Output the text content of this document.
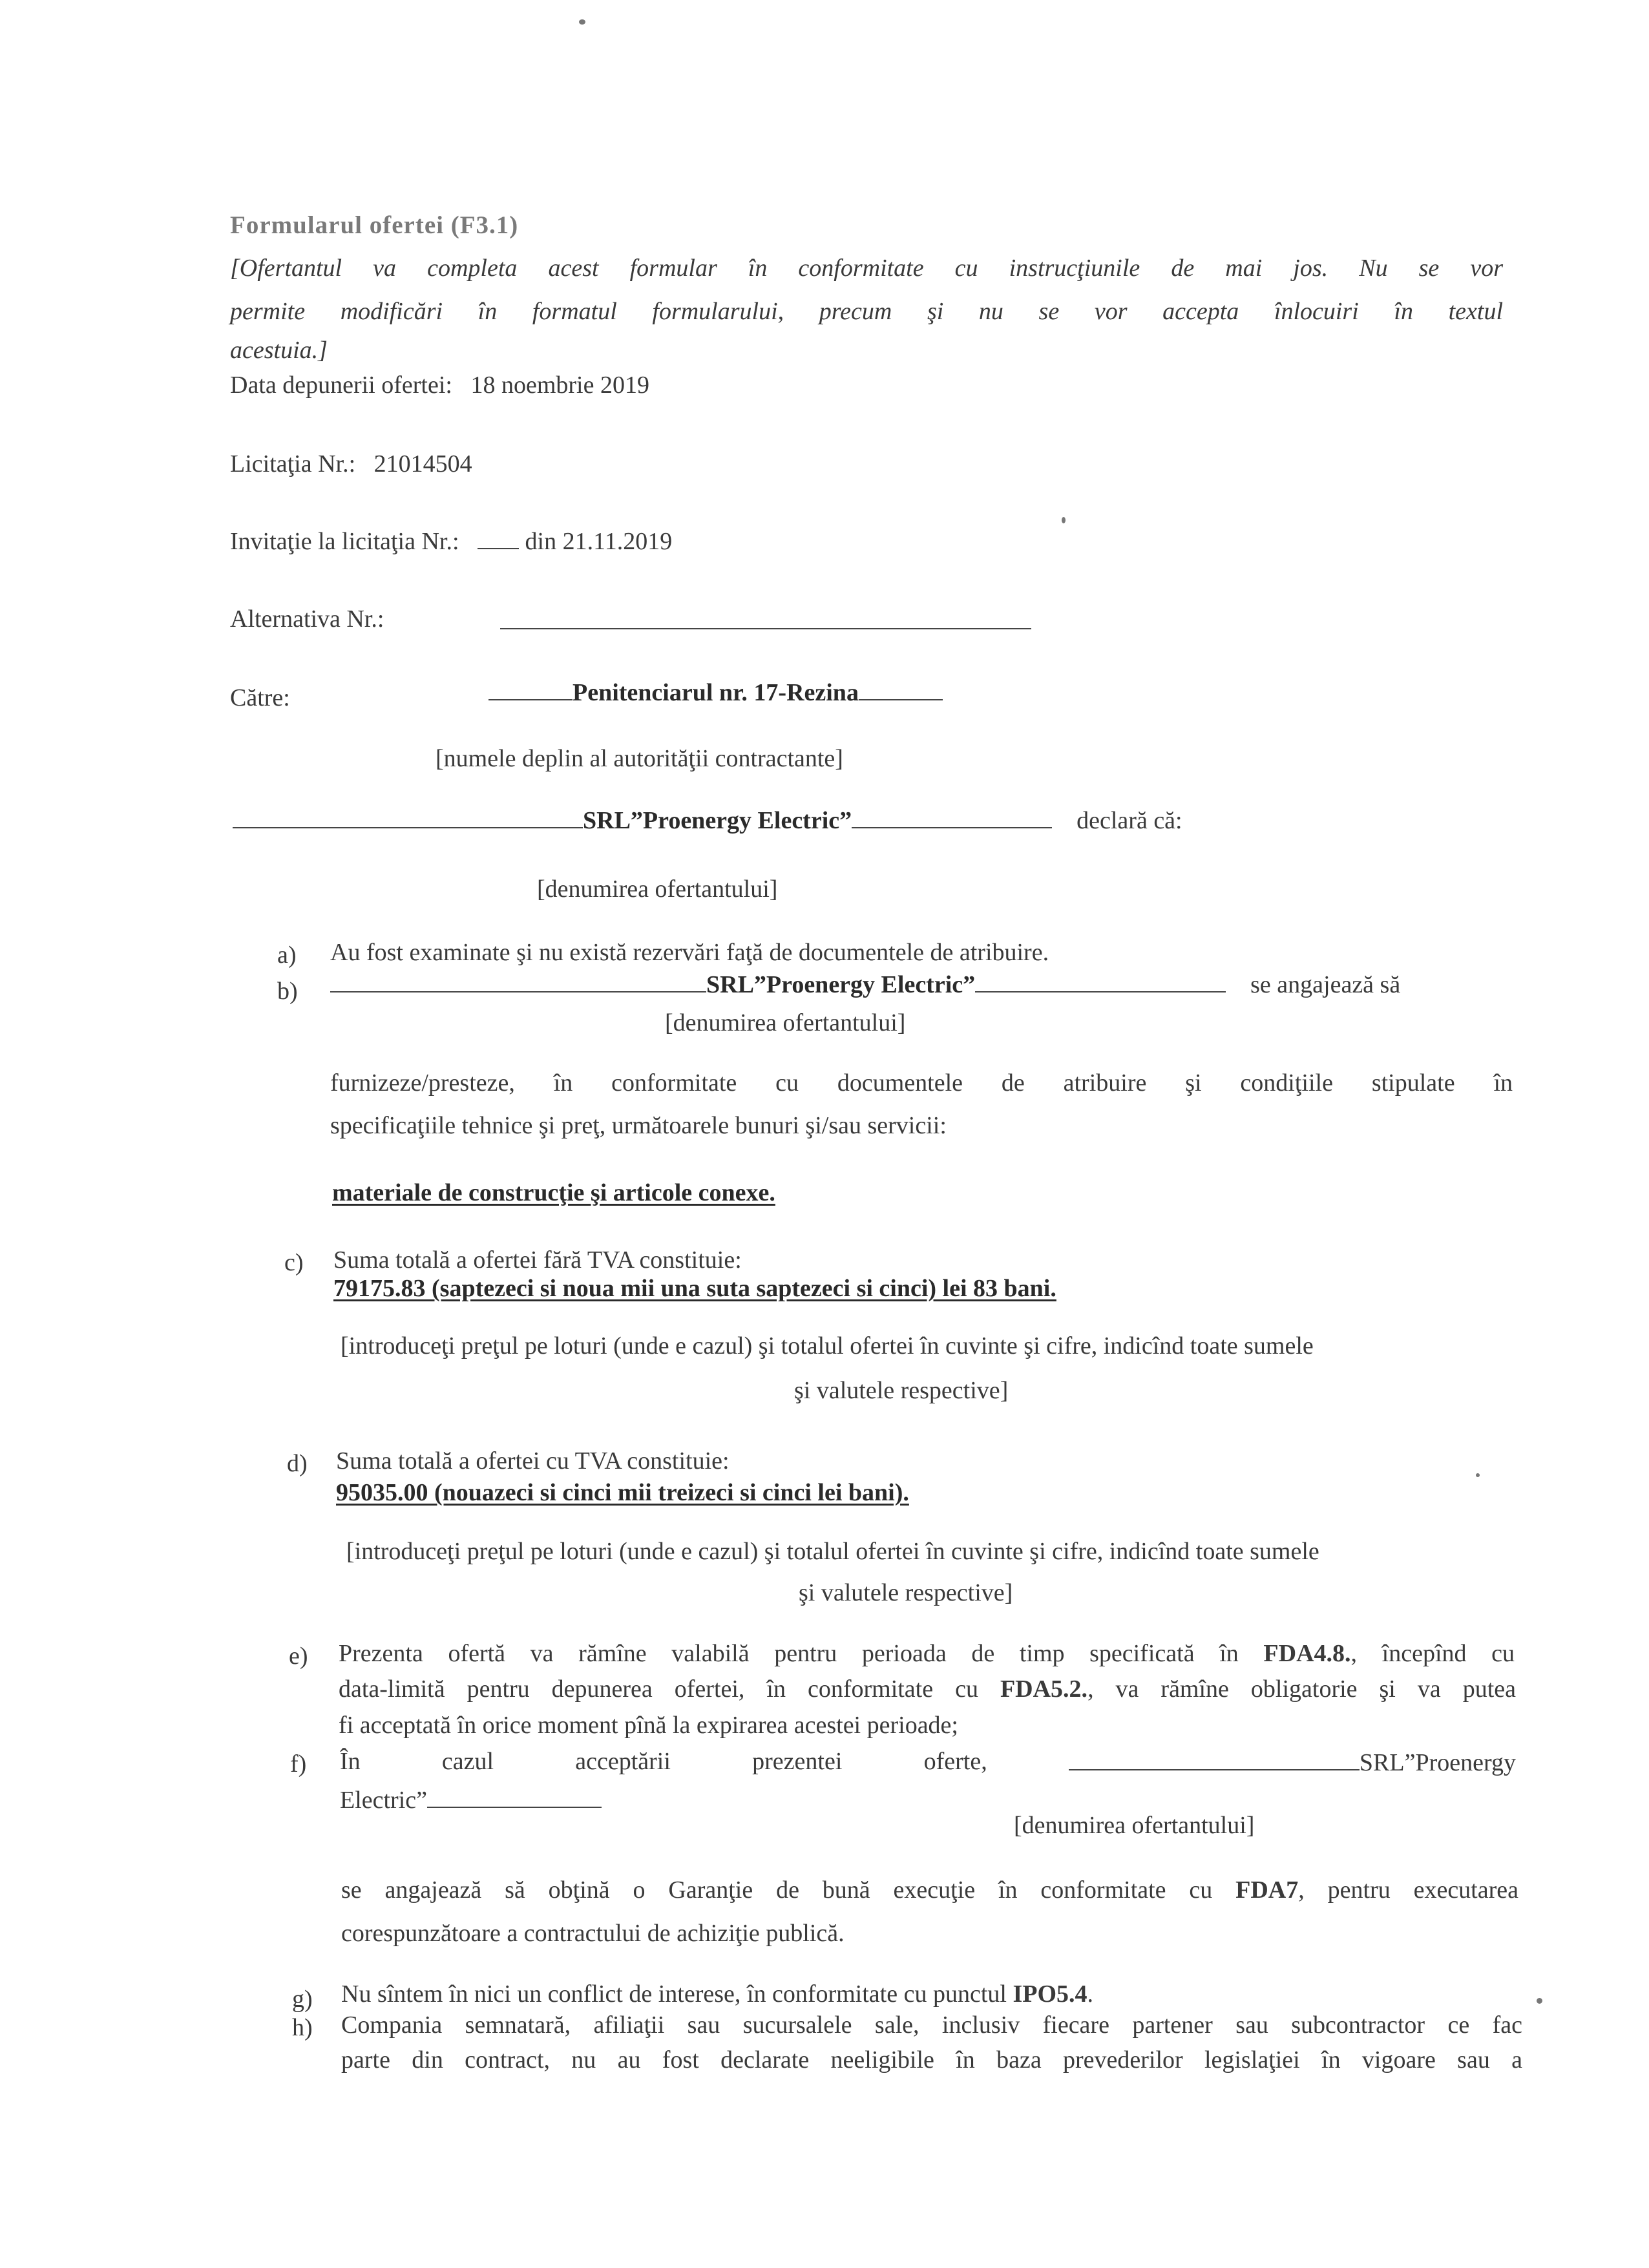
Formularul ofertei (F3.1)
[Ofertantul va completa acest formular în conformitate cu instrucţiunile de mai jos. Nu se vor
permite modificări în formatul formularului, precum şi nu se vor accepta înlocuiri în textul
acestuia.]
Data depunerii ofertei: 18 noembrie 2019
Licitaţia Nr.: 21014504
Invitaţie la licitaţia Nr.:	din 21.11.2019
Alternativa Nr.:
Către:	Penitenciarul nr. 17-Rezina
[numele deplin al autorităţii contractante]
SRL”Proenergy Electric”	declară că:
[denumirea ofertantului]
a) Au fost examinate şi nu există rezervări faţă de documentele de atribuire.
b)	SRL”Proenergy Electric”	se angajează să
[denumirea ofertantului]
furnizeze/presteze, în conformitate cu documentele de atribuire şi condiţiile stipulate în
specificaţiile tehnice şi preţ, următoarele bunuri şi/sau servicii:
materiale de construcţie şi articole conexe.
c) Suma totală a ofertei fără TVA constituie:
79175.83 (saptezeci si noua mii una suta saptezeci si cinci) lei 83 bani.
[introduceţi preţul pe loturi (unde e cazul) şi totalul ofertei în cuvinte şi cifre, indicînd toate sumele
şi valutele respective]
d) Suma totală a ofertei cu TVA constituie:
95035.00 (nouazeci si cinci mii treizeci si cinci lei bani).
[introduceţi preţul pe loturi (unde e cazul) şi totalul ofertei în cuvinte şi cifre, indicînd toate sumele
şi valutele respective]
e) Prezenta ofertă va rămîne valabilă pentru perioada de timp specificată în FDA4.8., începînd cu
data-limită pentru depunerea ofertei, în conformitate cu FDA5.2., va rămîne obligatorie şi va putea
fi acceptată în orice moment pînă la expirarea acestei perioade;
f) În	cazul	acceptării	prezentei	oferte,	SRL”Proenergy
Electric”
[denumirea ofertantului]
se angajează să obţină o Garanţie de bună execuţie în conformitate cu FDA7, pentru executarea
corespunzătoare a contractului de achiziţie publică.
g) Nu sîntem în nici un conflict de interese, în conformitate cu punctul IPO5.4.
h) Compania semnatară, afiliaţii sau sucursalele sale, inclusiv fiecare partener sau subcontractor ce fac
parte din contract, nu au fost declarate neeligibile în baza prevederilor legislaţiei în vigoare sau a
